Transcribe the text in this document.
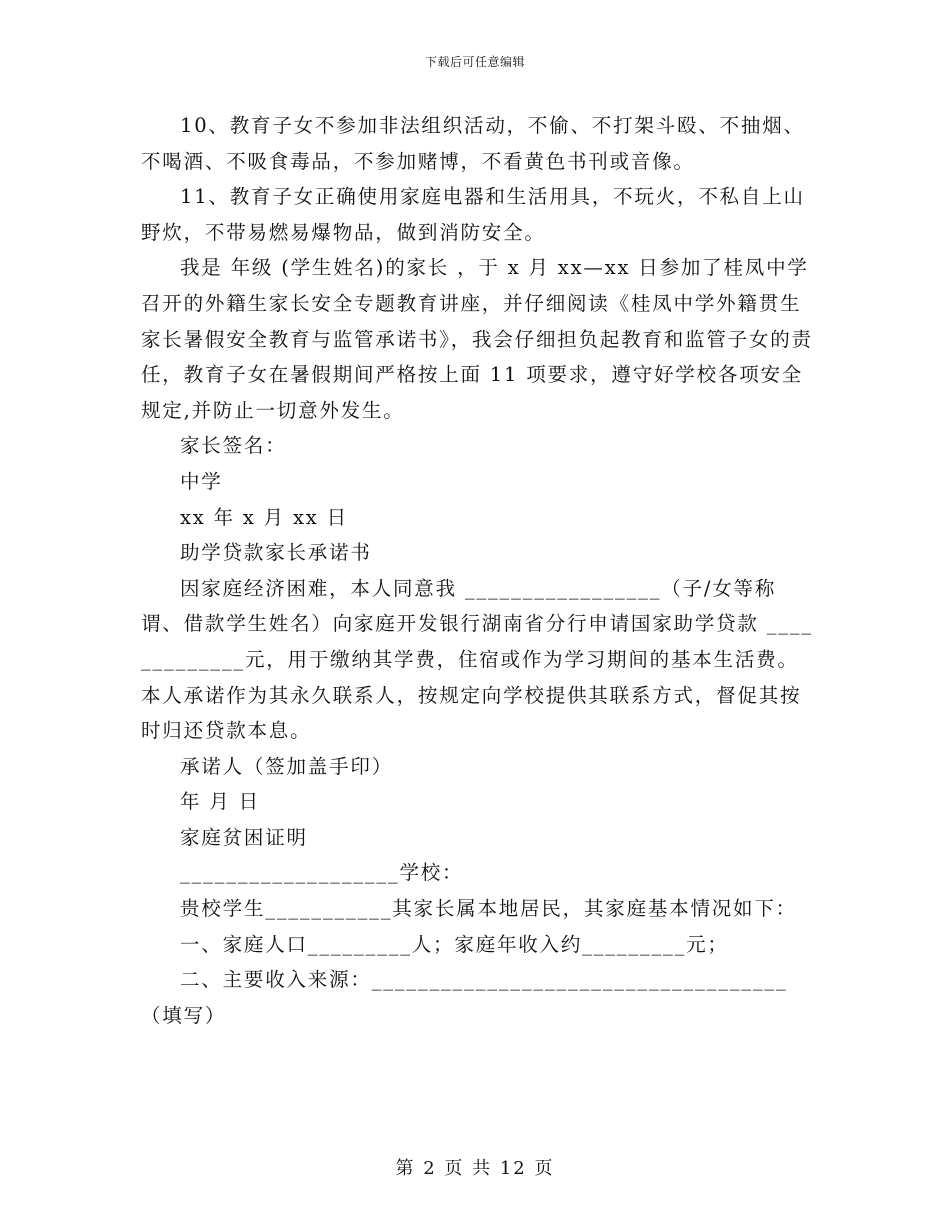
下载后可任意编辑

10、教育子女不参加非法组织活动，不偷、不打架斗殴、不抽烟、不喝酒、不吸食毒品，不参加赌博，不看黄色书刊或音像。

11、教育子女正确使用家庭电器和生活用具，不玩火，不私自上山野炊，不带易燃易爆物品，做到消防安全。

我是 年级 (学生姓名)的家长 ，于 x 月 xx—xx 日参加了桂凤中学召开的外籍生家长安全专题教育讲座，并仔细阅读《桂凤中学外籍贯生家长暑假安全教育与监管承诺书》，我会仔细担负起教育和监管子女的责任，教育子女在暑假期间严格按上面 11 项要求，遵守好学校各项安全规定,并防止一切意外发生。

家长签名：

中学

xx 年 x 月 xx 日

助学贷款家长承诺书

因家庭经济困难，本人同意我 _________________（子/女等称谓、借款学生姓名）向家庭开发银行湖南省分行申请国家助学贷款 _____________元，用于缴纳其学费，住宿或作为学习期间的基本生活费。本人承诺作为其永久联系人，按规定向学校提供其联系方式，督促其按时归还贷款本息。

承诺人（签加盖手印）

年 月 日

家庭贫困证明

___________________学校：

贵校学生___________其家长属本地居民，其家庭基本情况如下：

一、家庭人口_________人；家庭年收入约_________元；

二、主要收入来源：____________________________________（填写）

第 2 页 共 12 页
